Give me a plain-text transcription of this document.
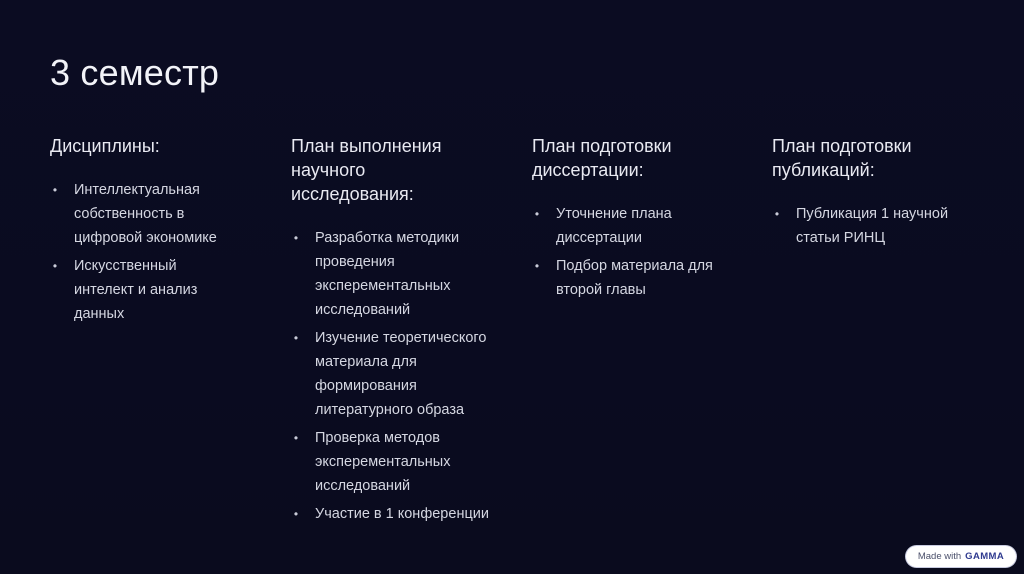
3 семестр
Дисциплины:
• Интеллектуальная собственность в цифровой экономике
• Искусственный интелект и анализ данных
План выполнения научного исследования:
• Разработка методики проведения эксперементальных исследований
• Изучение теоретического материала для формирования литературного образа
• Проверка методов эксперементальных исследований
• Участие в 1 конференции
План подготовки диссертации:
• Уточнение плана диссертации
• Подбор материала для второй главы
План подготовки публикаций:
• Публикация 1 научной статьи РИНЦ
Made with GAMMA
